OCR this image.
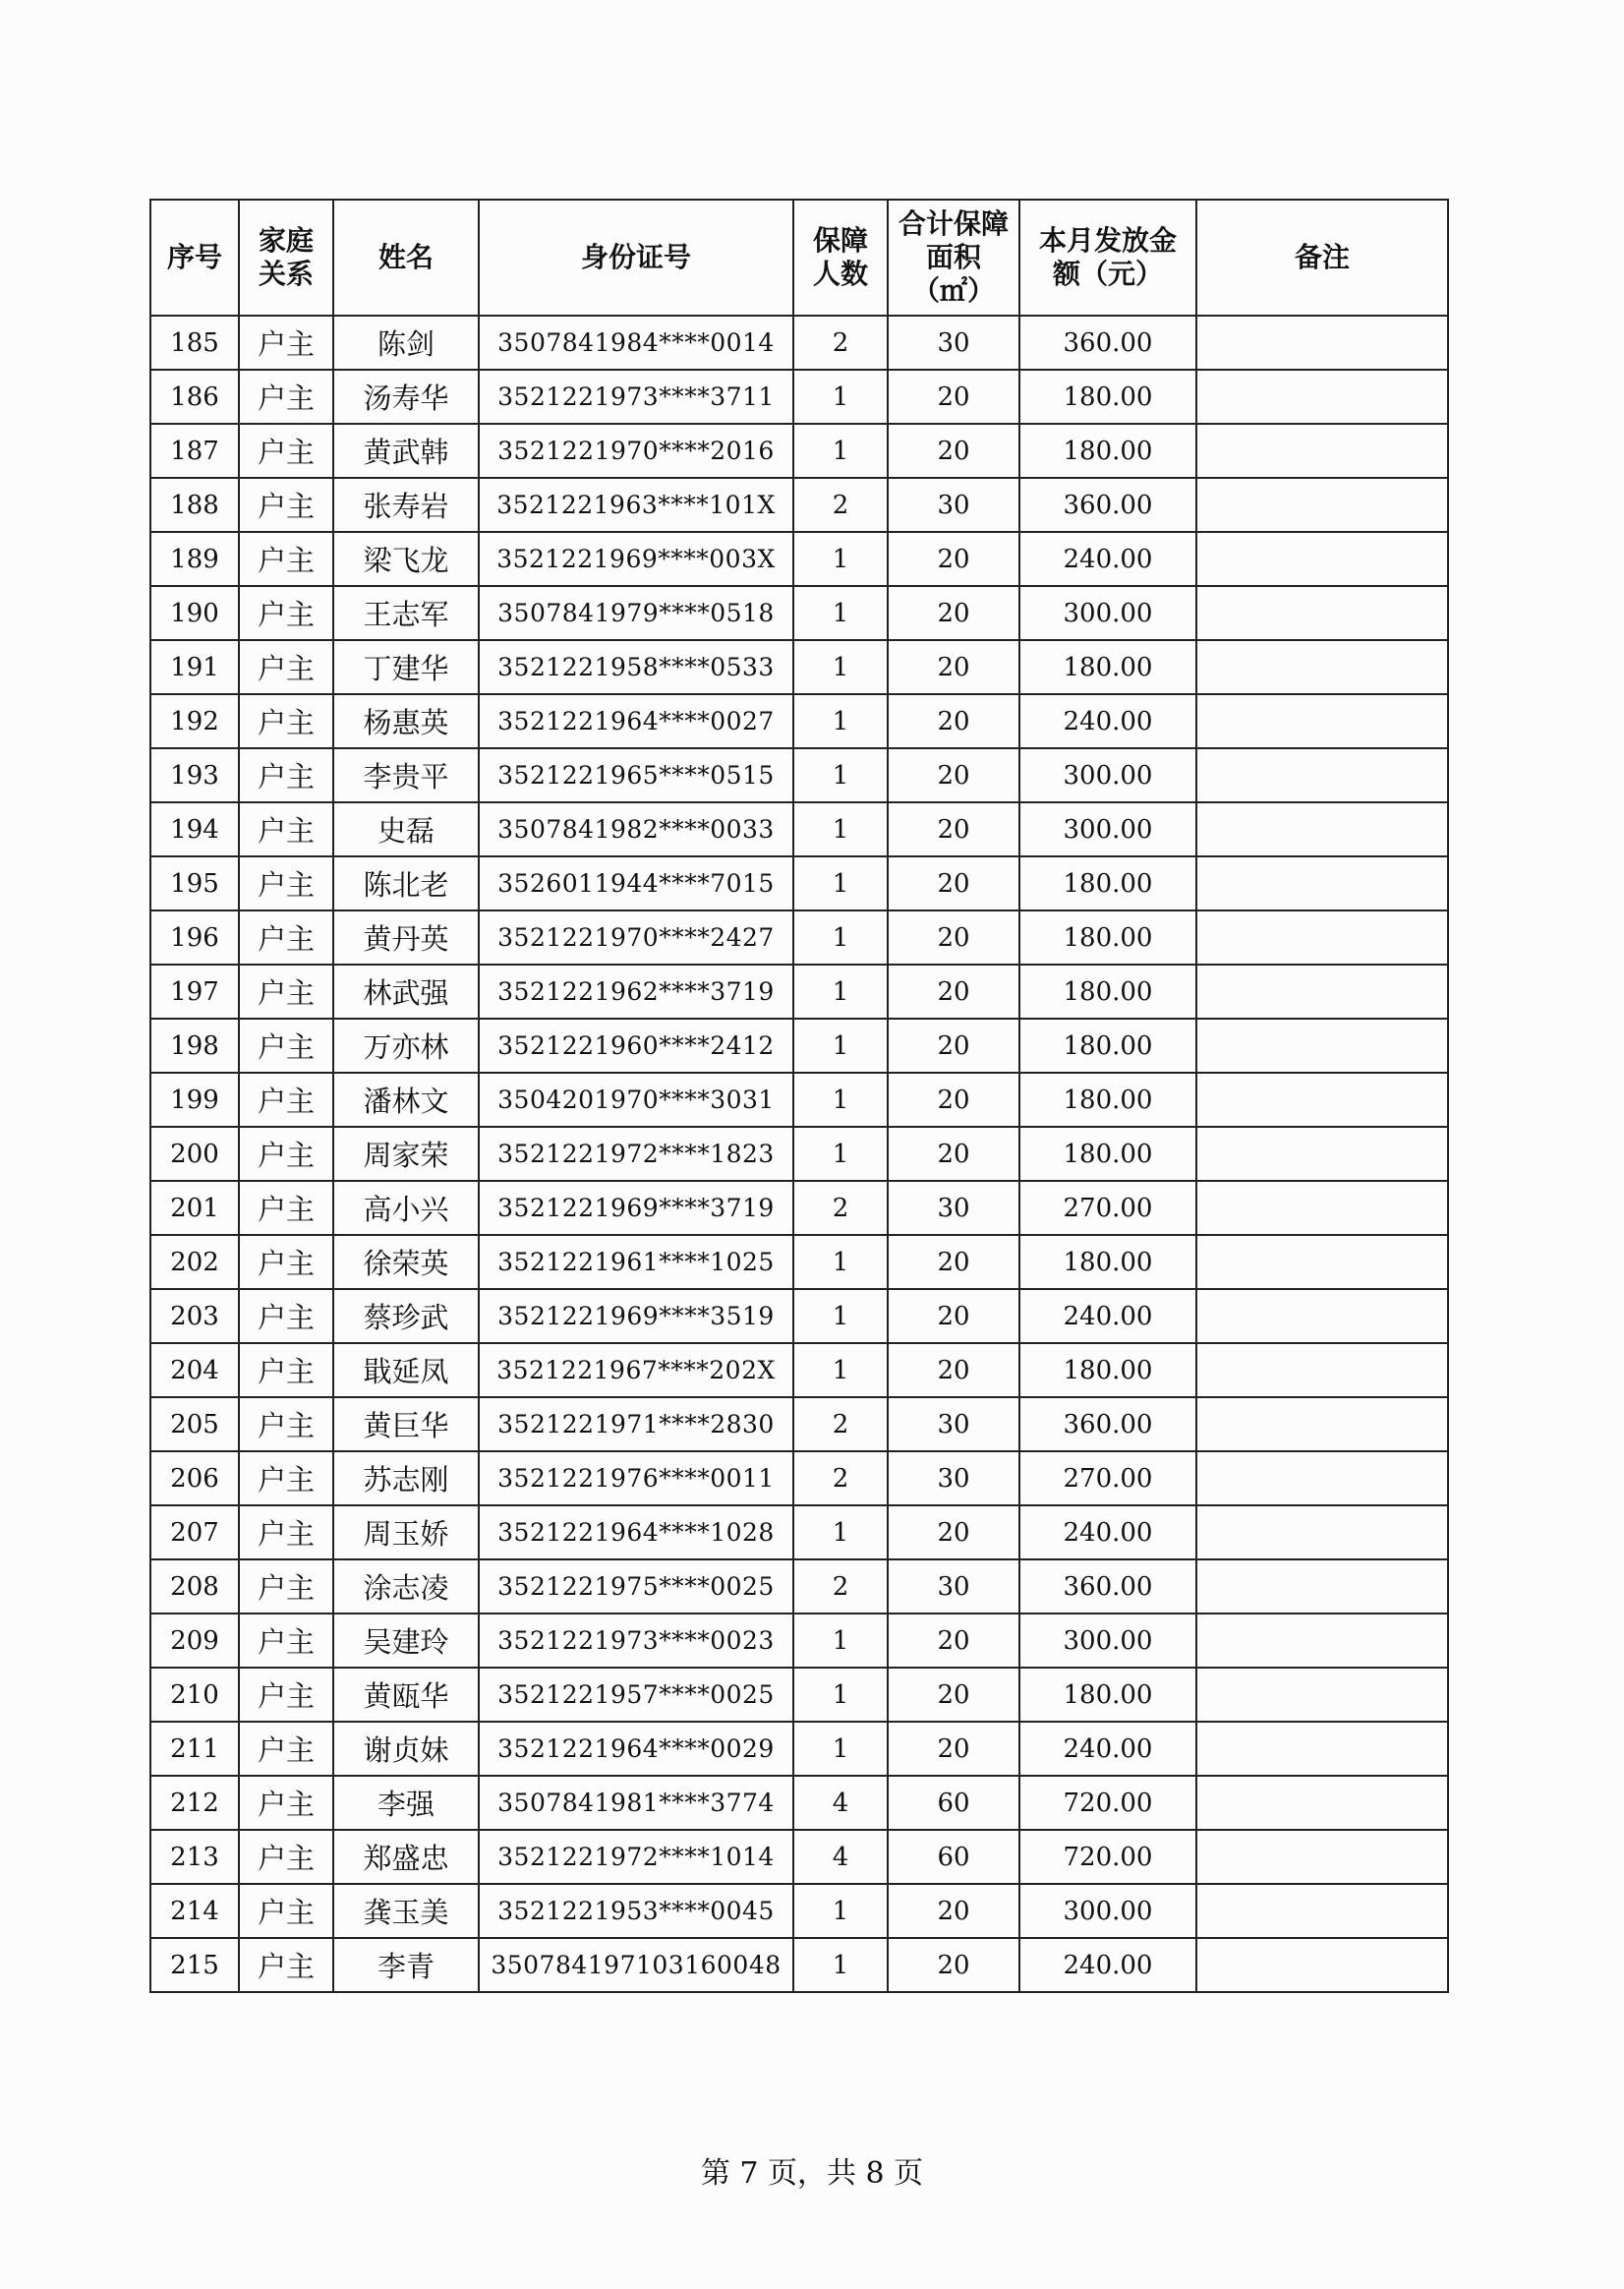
序号	家庭关系	姓名	身份证号	保障人数	合计保障面积（㎡）	本月发放金额（元）	备注
185	户主	陈剑	3507841984****0014	2	30	360.00	
186	户主	汤寿华	3521221973****3711	1	20	180.00	
187	户主	黄武韩	3521221970****2016	1	20	180.00	
188	户主	张寿岩	3521221963****101X	2	30	360.00	
189	户主	梁飞龙	3521221969****003X	1	20	240.00	
190	户主	王志军	3507841979****0518	1	20	300.00	
191	户主	丁建华	3521221958****0533	1	20	180.00	
192	户主	杨惠英	3521221964****0027	1	20	240.00	
193	户主	李贵平	3521221965****0515	1	20	300.00	
194	户主	史磊	3507841982****0033	1	20	300.00	
195	户主	陈北老	3526011944****7015	1	20	180.00	
196	户主	黄丹英	3521221970****2427	1	20	180.00	
197	户主	林武强	3521221962****3719	1	20	180.00	
198	户主	万亦林	3521221960****2412	1	20	180.00	
199	户主	潘林文	3504201970****3031	1	20	180.00	
200	户主	周家荣	3521221972****1823	1	20	180.00	
201	户主	高小兴	3521221969****3719	2	30	270.00	
202	户主	徐荣英	3521221961****1025	1	20	180.00	
203	户主	蔡珍武	3521221969****3519	1	20	240.00	
204	户主	戢延凤	3521221967****202X	1	20	180.00	
205	户主	黄巨华	3521221971****2830	2	30	360.00	
206	户主	苏志刚	3521221976****0011	2	30	270.00	
207	户主	周玉娇	3521221964****1028	1	20	240.00	
208	户主	涂志凌	3521221975****0025	2	30	360.00	
209	户主	吴建玲	3521221973****0023	1	20	300.00	
210	户主	黄瓯华	3521221957****0025	1	20	180.00	
211	户主	谢贞妹	3521221964****0029	1	20	240.00	
212	户主	李强	3507841981****3774	4	60	720.00	
213	户主	郑盛忠	3521221972****1014	4	60	720.00	
214	户主	龚玉美	3521221953****0045	1	20	300.00	
215	户主	李青	350784197103160048	1	20	240.00	
第 7 页，共 8 页
